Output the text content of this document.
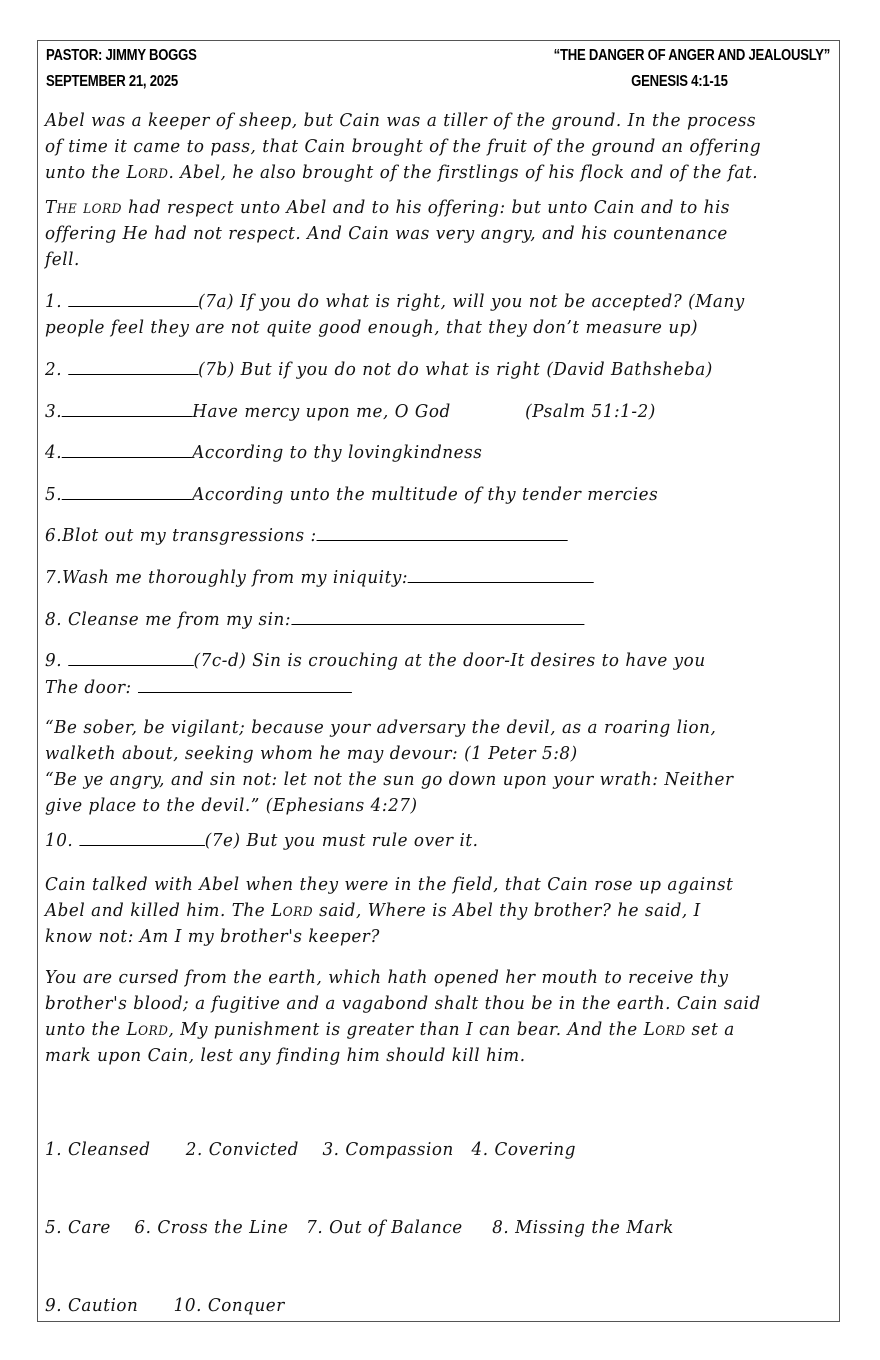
PASTOR: JIMMY BOGGS
SEPTEMBER 21, 2025
“THE DANGER OF ANGER AND JEALOUSLY”
GENESIS 4:1-15
Abel was a keeper of sheep, but Cain was a tiller of the ground. In the process
of time it came to pass, that Cain brought of the fruit of the ground an offering
unto the Lord. Abel, he also brought of the firstlings of his flock and of the fat.
The lord had respect unto Abel and to his offering: but unto Cain and to his
offering He had not respect. And Cain was very angry, and his countenance
fell.
1.	(7a) If you do what is right, will you not be accepted? (Many
people feel they are not quite good enough, that they don’t measure up)
2.	(7b) But if you do not do what is right (David Bathsheba)
3.	Have mercy upon me, O God	(Psalm 51:1-2)
4.	According to thy lovingkindness
5.	According unto the multitude of thy tender mercies
6.Blot out my transgressions :
7.Wash me thoroughly from my iniquity:
8. Cleanse me from my sin:
9.	(7c-d) Sin is crouching at the door-It desires to have you
The door:
“Be sober, be vigilant; because your adversary the devil, as a roaring lion,
walketh about, seeking whom he may devour: (1 Peter 5:8)
“Be ye angry, and sin not: let not the sun go down upon your wrath: Neither
give place to the devil.” (Ephesians 4:27)
10.	(7e) But you must rule over it.
Cain talked with Abel when they were in the field, that Cain rose up against
Abel and killed him. The Lord said, Where is Abel thy brother? he said, I
know not: Am I my brother's keeper?
You are cursed from the earth, which hath opened her mouth to receive thy
brother's blood; a fugitive and a vagabond shalt thou be in the earth. Cain said
unto the Lord, My punishment is greater than I can bear. And the Lord set a
mark upon Cain, lest any finding him should kill him.

1. Cleansed      2. Convicted    3. Compassion   4. Covering

5. Care    6. Cross the Line   7. Out of Balance     8. Missing the Mark

9. Caution      10. Conquer
